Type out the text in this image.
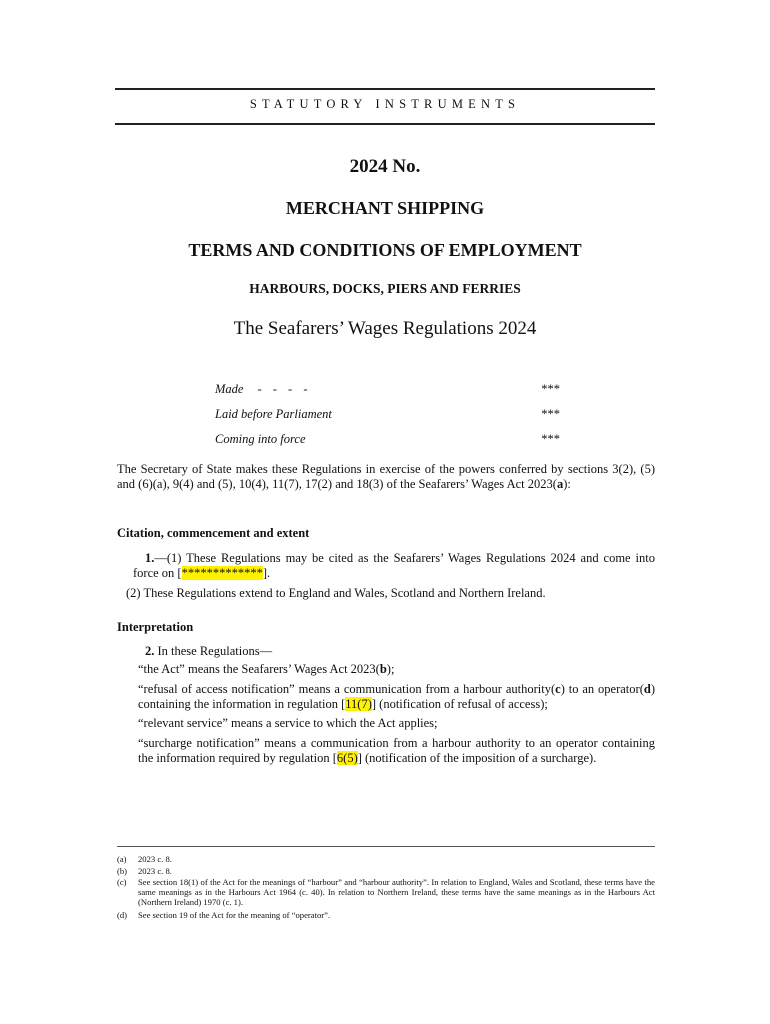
STATUTORY INSTRUMENTS
2024 No.
MERCHANT SHIPPING
TERMS AND CONDITIONS OF EMPLOYMENT
HARBOURS, DOCKS, PIERS AND FERRIES
The Seafarers’ Wages Regulations 2024
Made - - - -	***
Laid before Parliament	***
Coming into force	***
The Secretary of State makes these Regulations in exercise of the powers conferred by sections 3(2), (5) and (6)(a), 9(4) and (5), 10(4), 11(7), 17(2) and 18(3) of the Seafarers’ Wages Act 2023(a):
Citation, commencement and extent
1.—(1) These Regulations may be cited as the Seafarers’ Wages Regulations 2024 and come into force on [*************].
(2) These Regulations extend to England and Wales, Scotland and Northern Ireland.
Interpretation
2. In these Regulations—
“the Act” means the Seafarers’ Wages Act 2023(b);
“refusal of access notification” means a communication from a harbour authority(c) to an operator(d) containing the information in regulation [11(7)] (notification of refusal of access);
“relevant service” means a service to which the Act applies;
“surcharge notification” means a communication from a harbour authority to an operator containing the information required by regulation [6(5)] (notification of the imposition of a surcharge).
(a)	2023 c. 8.
(b)	2023 c. 8.
(c)	See section 18(1) of the Act for the meanings of “harbour” and “harbour authority”. In relation to England, Wales and Scotland, these terms have the same meanings as in the Harbours Act 1964 (c. 40). In relation to Northern Ireland, these terms have the same meanings as in the Harbours Act (Northern Ireland) 1970 (c. 1).
(d)	See section 19 of the Act for the meaning of “operator”.
